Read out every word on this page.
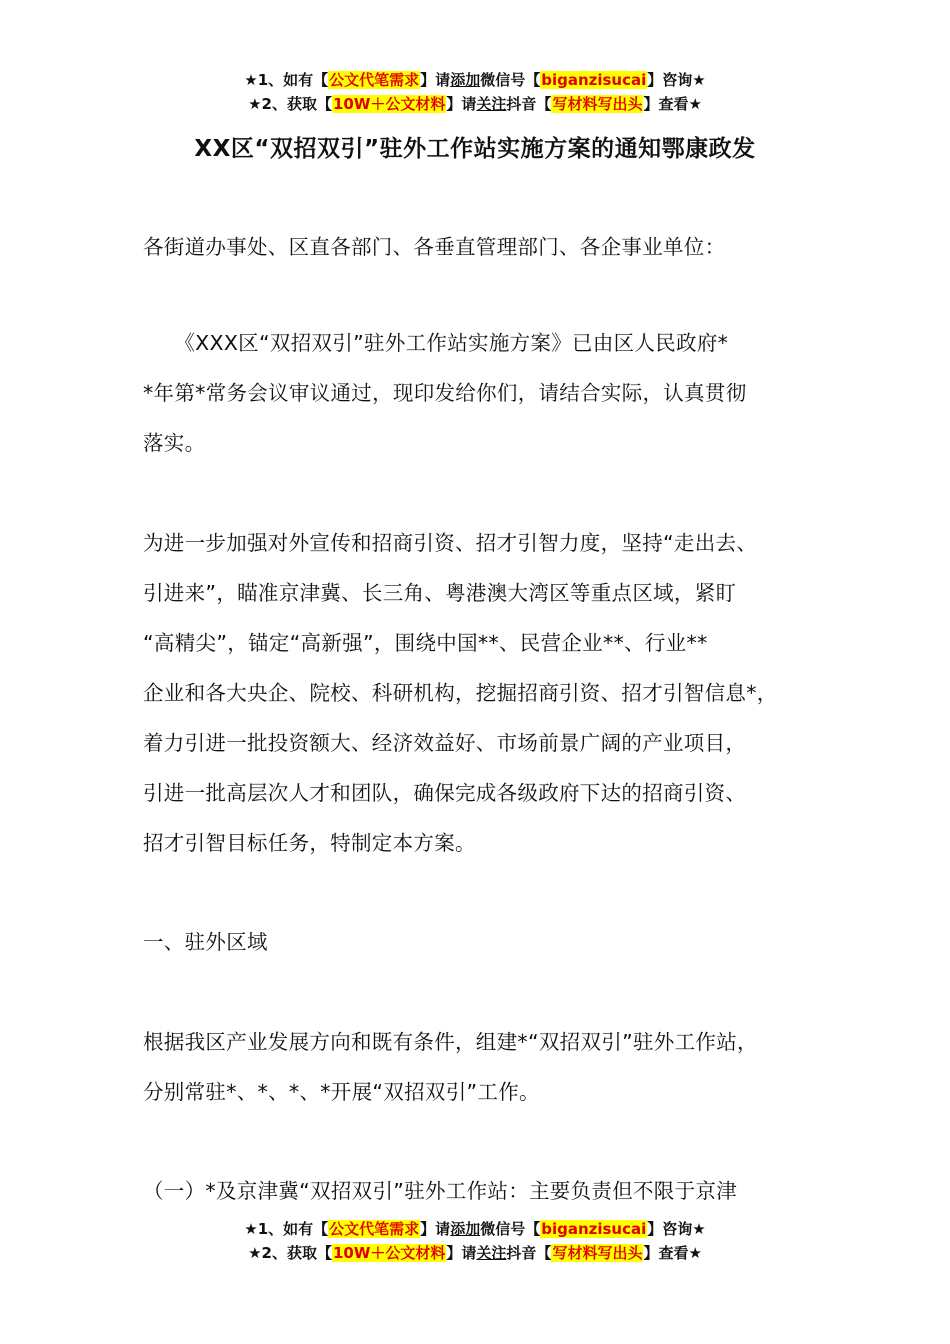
★1、如有【公文代笔需求】请添加微信号【biganzisucai】咨询★
★2、获取【10W＋公文材料】请关注抖音【写材料写出头】查看★
XX区“双招双引”驻外工作站实施方案的通知鄂康政发
各街道办事处、区直各部门、各垂直管理部门、各企事业单位：
　　《XXX区“双招双引”驻外工作站实施方案》已由区人民政府*
*年第*常务会议审议通过，现印发给你们，请结合实际，认真贯彻
落实。
为进一步加强对外宣传和招商引资、招才引智力度，坚持“走出去、
引进来”，瞄准京津冀、长三角、粤港澳大湾区等重点区域，紧盯
“高精尖”，锚定“高新强”，围绕中国**、民营企业**、行业**
企业和各大央企、院校、科研机构，挖掘招商引资、招才引智信息*，
着力引进一批投资额大、经济效益好、市场前景广阔的产业项目，
引进一批高层次人才和团队，确保完成各级政府下达的招商引资、
招才引智目标任务，特制定本方案。
一、驻外区域
根据我区产业发展方向和既有条件，组建*“双招双引”驻外工作站，
分别常驻*、*、*、*开展“双招双引”工作。
（一）*及京津冀“双招双引”驻外工作站：主要负责但不限于京津
★1、如有【公文代笔需求】请添加微信号【biganzisucai】咨询★
★2、获取【10W＋公文材料】请关注抖音【写材料写出头】查看★
